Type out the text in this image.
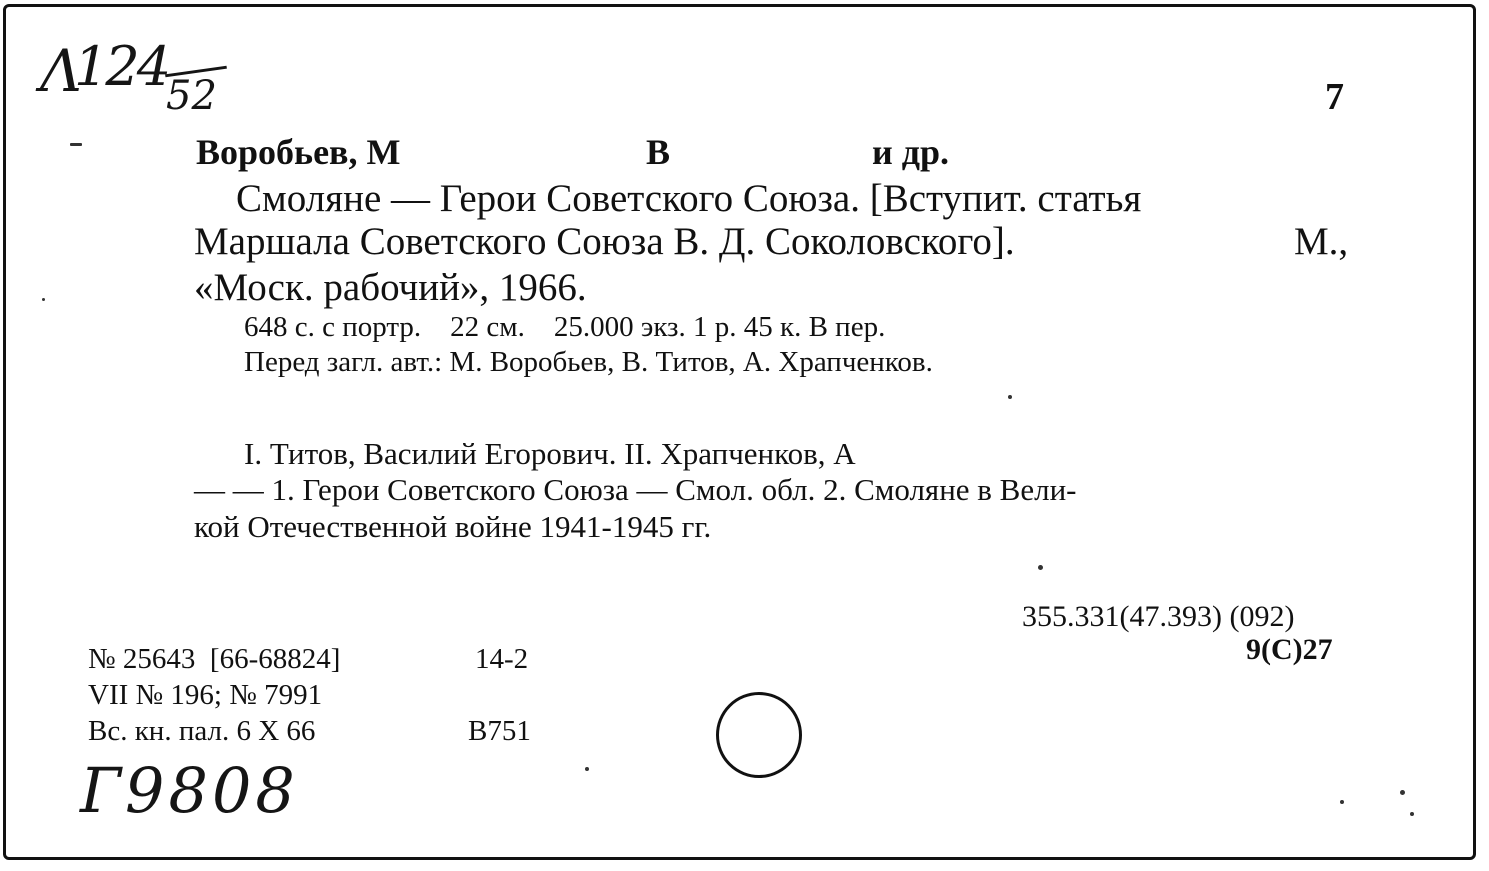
Λ
124
52	7
Воробьев, М	В	и др.
Смоляне — Герои Советского Союза. [Вступит. статья
Маршала Советского Союза В. Д. Соколовского].	М.,
«Моск. рабочий», 1966.
648 с. с портр.    22 см.    25.000 экз. 1 р. 45 к. В пер.
Перед загл. авт.: М. Воробьев, В. Титов, А. Храпченков.
I. Титов, Василий Егорович. II. Храпченков, А
— — 1. Герои Советского Союза — Смол. обл. 2. Смоляне в Вели-
кой Отечественной войне 1941-1945 гг.
355.331(47.393) (092)
9(С)27
№ 25643  [66-68824]	14-2
VII № 196; № 7991
Вс. кн. пал. 6 X 66	В751
Г9808
